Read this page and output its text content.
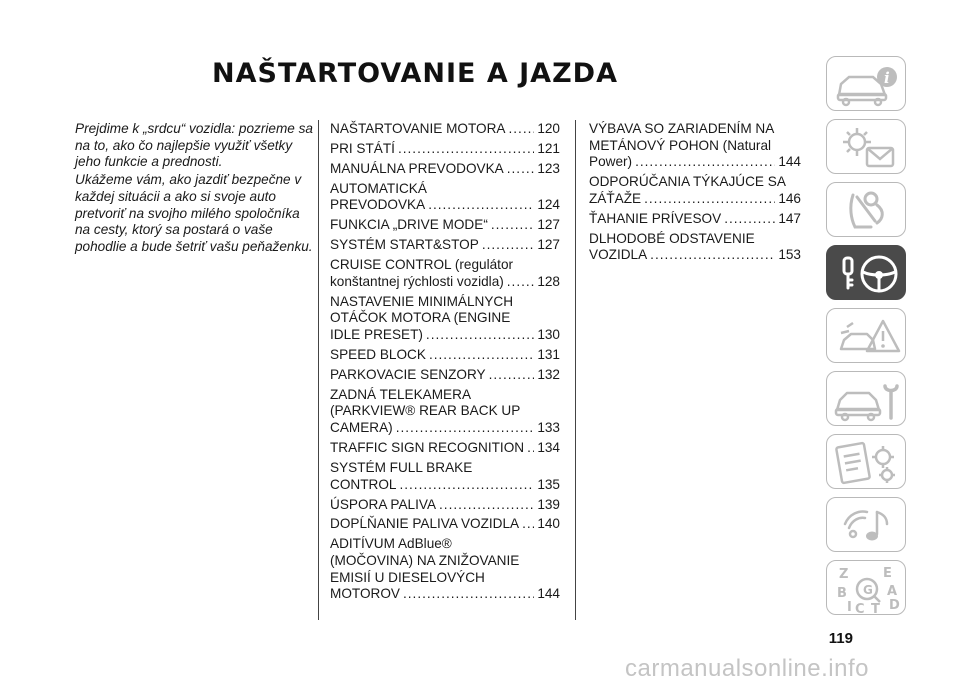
NAŠTARTOVANIE A JAZDA

Prejdime k „srdcu“ vozidla: pozrieme sa na to, ako čo najlepšie využiť všetky jeho funkcie a prednosti.

Ukážeme vám, ako jazdiť bezpečne v každej situácii a ako si svoje auto pretvoriť na svojho milého spoločníka na cesty, ktorý sa postará o vaše pohodlie a bude šetriť vašu peňaženku.

NAŠTARTOVANIE MOTORA ..... 120
PRI STÁTÍ .....	121
MANUÁLNA PREVODOVKA ..... 123
AUTOMATICKÁ
PREVODOVKA .....	124
FUNKCIA „DRIVE MODE“ .....	127
SYSTÉM START&STOP .....	127
CRUISE CONTROL (regulátor
konštantnej rýchlosti vozidla) ..... 128
NASTAVENIE MINIMÁLNYCH
OTÁČOK MOTORA (ENGINE
IDLE PRESET) .....	130
SPEED BLOCK .....	131
PARKOVACIE SENZORY .....	132
ZADNÁ TELEKAMERA
(PARKVIEW® REAR BACK UP
CAMERA) .....	133
TRAFFIC SIGN RECOGNITION ..... 134
SYSTÉM FULL BRAKE
CONTROL .....	135
ÚSPORA PALIVA .....	139
DOPĹŇANIE PALIVA VOZIDLA ..... 140
ADITÍVUM AdBlue®
(MOČOVINA) NA ZNIŽOVANIE
EMISIÍ U DIESELOVÝCH
MOTOROV .....	144
VÝBAVA SO ZARIADENÍM NA
METÁNOVÝ POHON (Natural
Power) .....	144
ODPORÚČANIA TÝKAJÚCE SA
ZÁŤAŽE .....	146
ŤAHANIE PRÍVESOV .....	147
DLHODOBÉ ODSTAVENIE
VOZIDLA .....	153
119
carmanualsonline.info
i
Z	E
B	A
I C T D
G
